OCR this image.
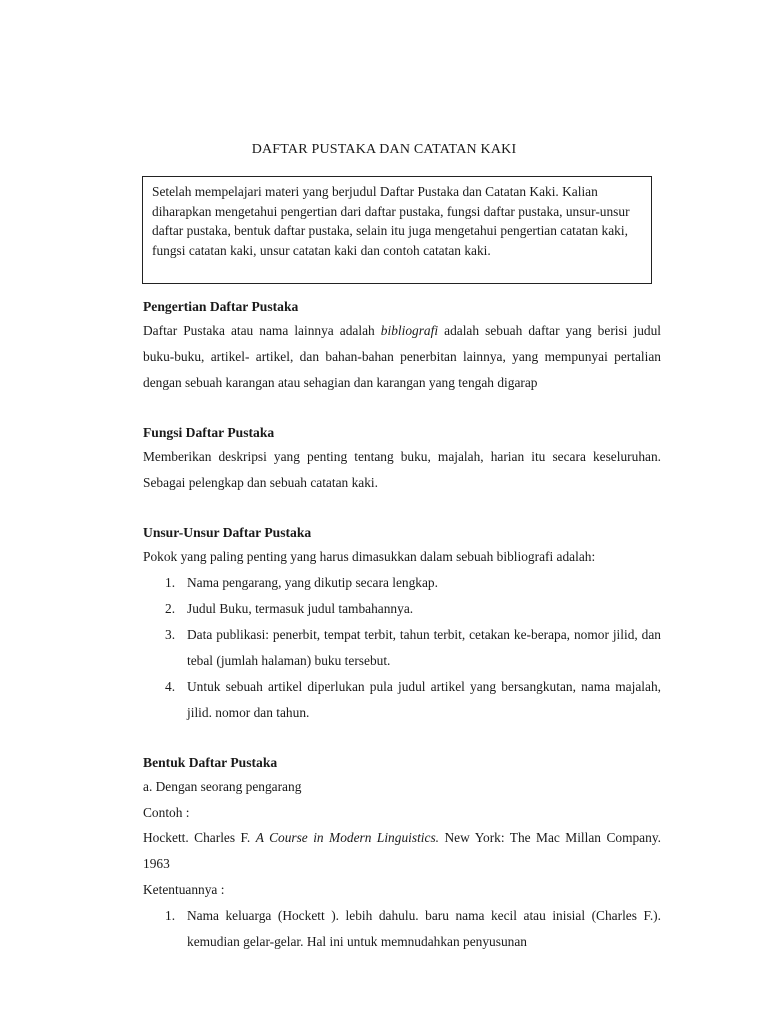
DAFTAR PUSTAKA DAN CATATAN KAKI
Setelah mempelajari materi yang berjudul Daftar Pustaka dan Catatan Kaki. Kalian diharapkan mengetahui pengertian dari daftar pustaka, fungsi daftar pustaka, unsur-unsur daftar pustaka, bentuk daftar pustaka, selain itu juga mengetahui pengertian catatan kaki, fungsi catatan kaki, unsur catatan kaki dan contoh catatan kaki.
Pengertian Daftar Pustaka
Daftar Pustaka atau nama lainnya adalah bibliografi adalah sebuah daftar yang berisi judul buku-buku, artikel- artikel, dan bahan-bahan penerbitan lainnya, yang mempunyai pertalian dengan sebuah karangan atau sehagian dan karangan yang tengah digarap
Fungsi Daftar Pustaka
Memberikan deskripsi yang penting tentang buku, majalah, harian itu secara keseluruhan. Sebagai pelengkap dan sebuah catatan kaki.
Unsur-Unsur Daftar Pustaka
Pokok yang paling penting yang harus dimasukkan dalam sebuah bibliografi adalah:
1. Nama pengarang, yang dikutip secara lengkap.
2. Judul Buku, termasuk judul tambahannya.
3. Data publikasi: penerbit, tempat terbit, tahun terbit, cetakan ke-berapa, nomor jilid, dan tebal (jumlah halaman) buku tersebut.
4. Untuk sebuah artikel diperlukan pula judul artikel yang bersangkutan, nama majalah, jilid. nomor dan tahun.
Bentuk Daftar Pustaka
a. Dengan seorang pengarang
Contoh :
Hockett. Charles F. A Course in Modern Linguistics. New York: The Mac Millan Company. 1963
Ketentuannya :
1. Nama keluarga (Hockett ). lebih dahulu. baru nama kecil atau inisial (Charles F.). kemudian gelar-gelar. Hal ini untuk memnudahkan penyusunan
